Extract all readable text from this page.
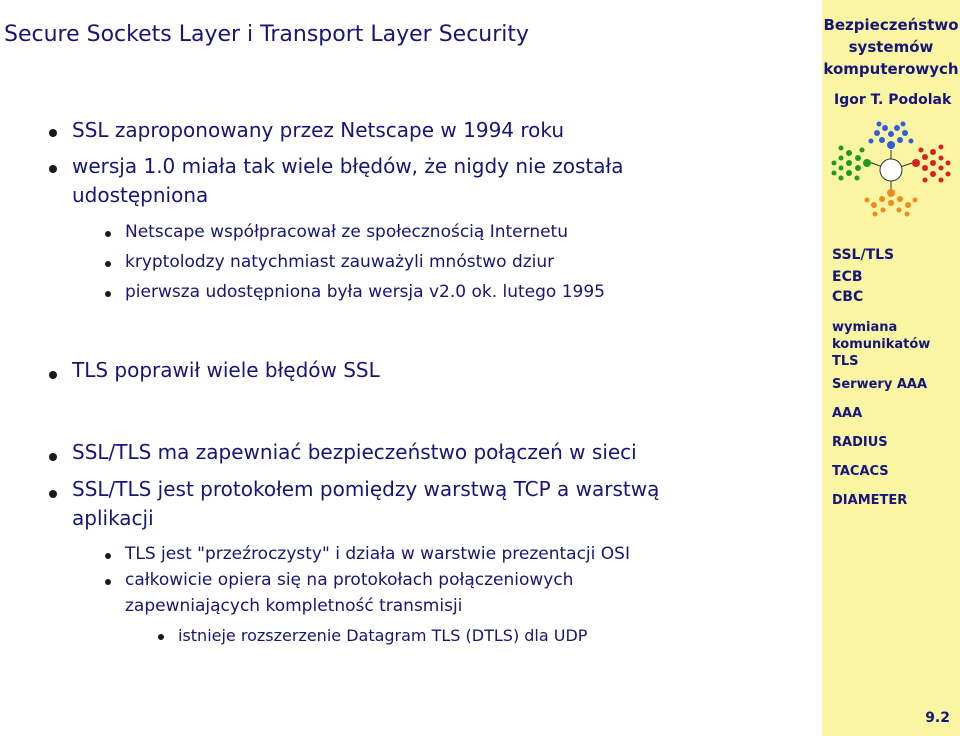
Secure Sockets Layer i Transport Layer Security
SSL zaproponowany przez Netscape w 1994 roku
wersja 1.0 miała tak wiele błędów, że nigdy nie została
udostępniona
Netscape współpracował ze społecznością Internetu
kryptolodzy natychmiast zauważyli mnóstwo dziur
pierwsza udostępniona była wersja v2.0 ok. lutego 1995
TLS poprawił wiele błędów SSL
SSL/TLS ma zapewniać bezpieczeństwo połączeń w sieci
SSL/TLS jest protokołem pomiędzy warstwą TCP a warstwą
aplikacji
TLS jest "przeźroczysty" i działa w warstwie prezentacji OSI
całkowicie opiera się na protokołach połączeniowych
zapewniających kompletność transmisji
istnieje rozszerzenie Datagram TLS (DTLS) dla UDP
Bezpieczeństwo
systemów
komputerowych
Igor T. Podolak
SSL/TLS
ECB
CBC
wymiana
komunikatów
TLS
Serwery AAA
AAA
RADIUS
TACACS
DIAMETER
9.2
